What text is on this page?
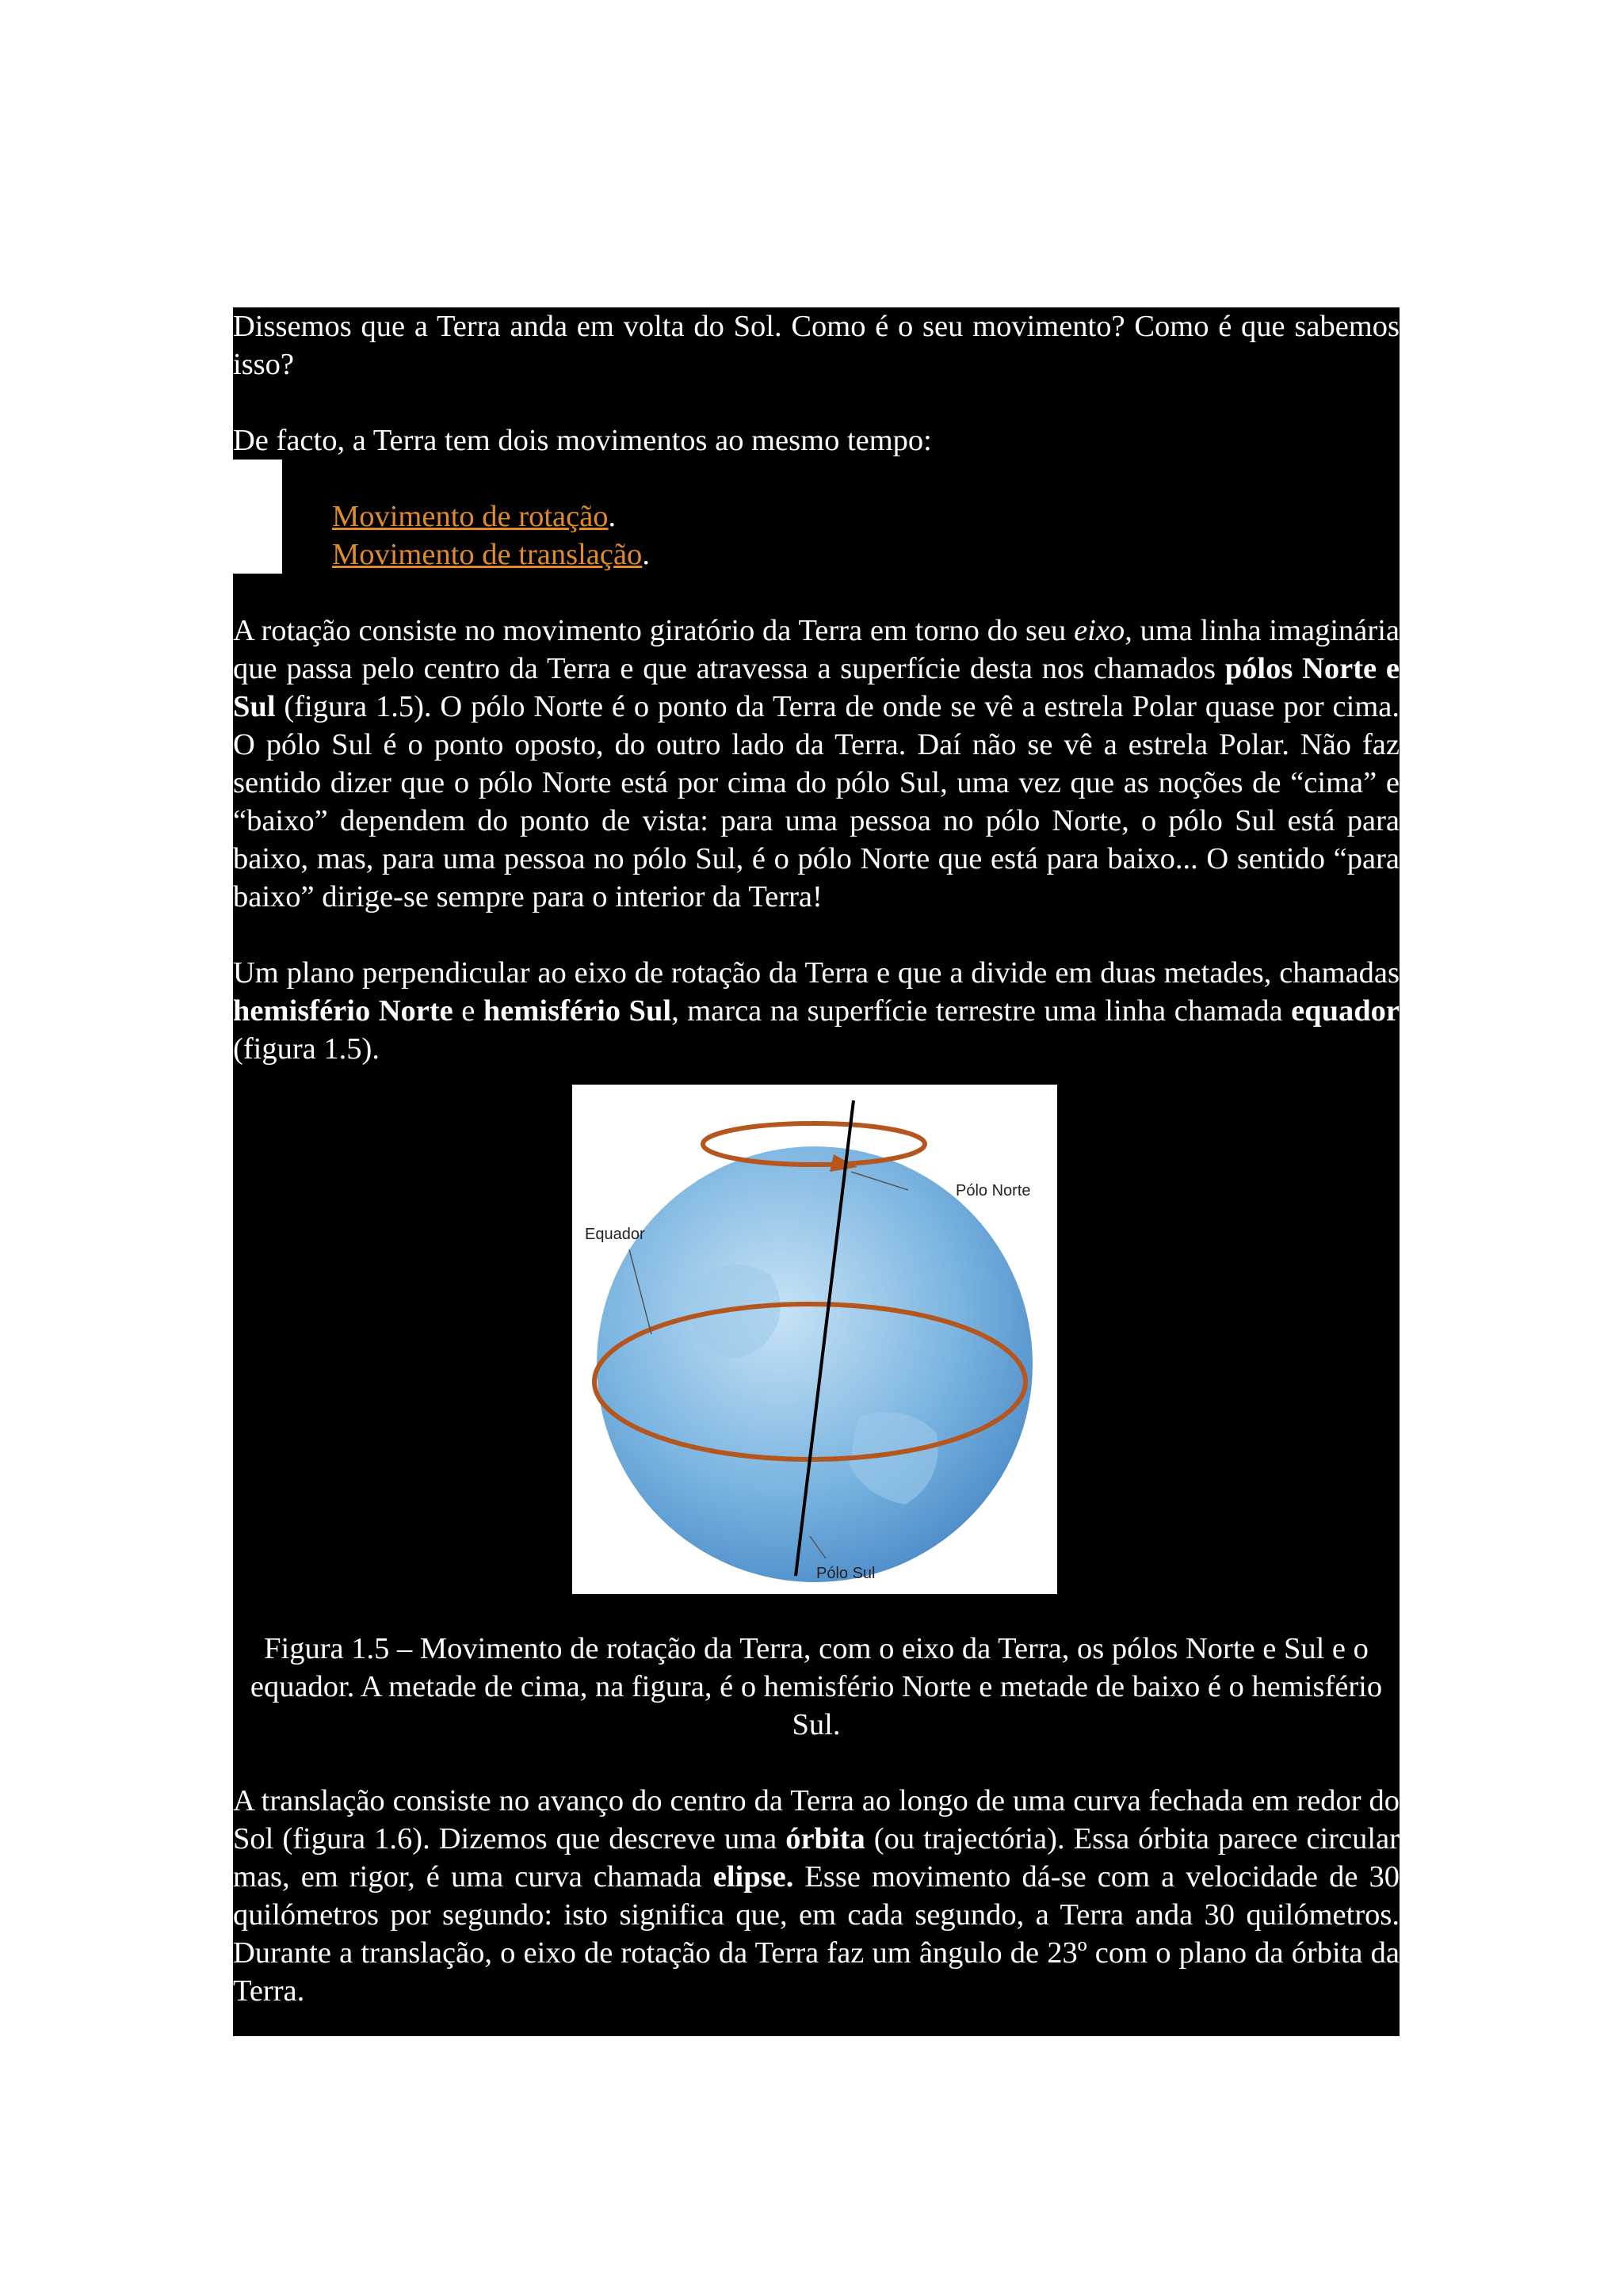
Dissemos que a Terra anda em volta do Sol. Como é o seu movimento? Como é que sabemos isso?

De facto, a Terra tem dois movimentos ao mesmo tempo:

● Movimento de rotação.
● Movimento de translação.

A rotação consiste no movimento giratório da Terra em torno do seu eixo, uma linha imaginária que passa pelo centro da Terra e que atravessa a superfície desta nos chamados pólos Norte e Sul (figura 1.5). O pólo Norte é o ponto da Terra de onde se vê a estrela Polar quase por cima. O pólo Sul é o ponto oposto, do outro lado da Terra. Daí não se vê a estrela Polar. Não faz sentido dizer que o pólo Norte está por cima do pólo Sul, uma vez que as noções de “cima” e “baixo” dependem do ponto de vista: para uma pessoa no pólo Norte, o pólo Sul está para baixo, mas, para uma pessoa no pólo Sul, é o pólo Norte que está para baixo... O sentido “para baixo” dirige-se sempre para o interior da Terra!

Um plano perpendicular ao eixo de rotação da Terra e que a divide em duas metades, chamadas hemisfério Norte e hemisfério Sul, marca na superfície terrestre uma linha chamada equador (figura 1.5).

Pólo Norte
Equador
Pólo Sul

Figura 1.5 – Movimento de rotação da Terra, com o eixo da Terra, os pólos Norte e Sul e o equador. A metade de cima, na figura, é o hemisfério Norte e metade de baixo é o hemisfério Sul.

A translação consiste no avanço do centro da Terra ao longo de uma curva fechada em redor do Sol (figura 1.6). Dizemos que descreve uma órbita (ou trajectória). Essa órbita parece circular mas, em rigor, é uma curva chamada elipse. Esse movimento dá-se com a velocidade de 30 quilómetros por segundo: isto significa que, em cada segundo, a Terra anda 30 quilómetros. Durante a translação, o eixo de rotação da Terra faz um ângulo de 23º com o plano da órbita da Terra.
